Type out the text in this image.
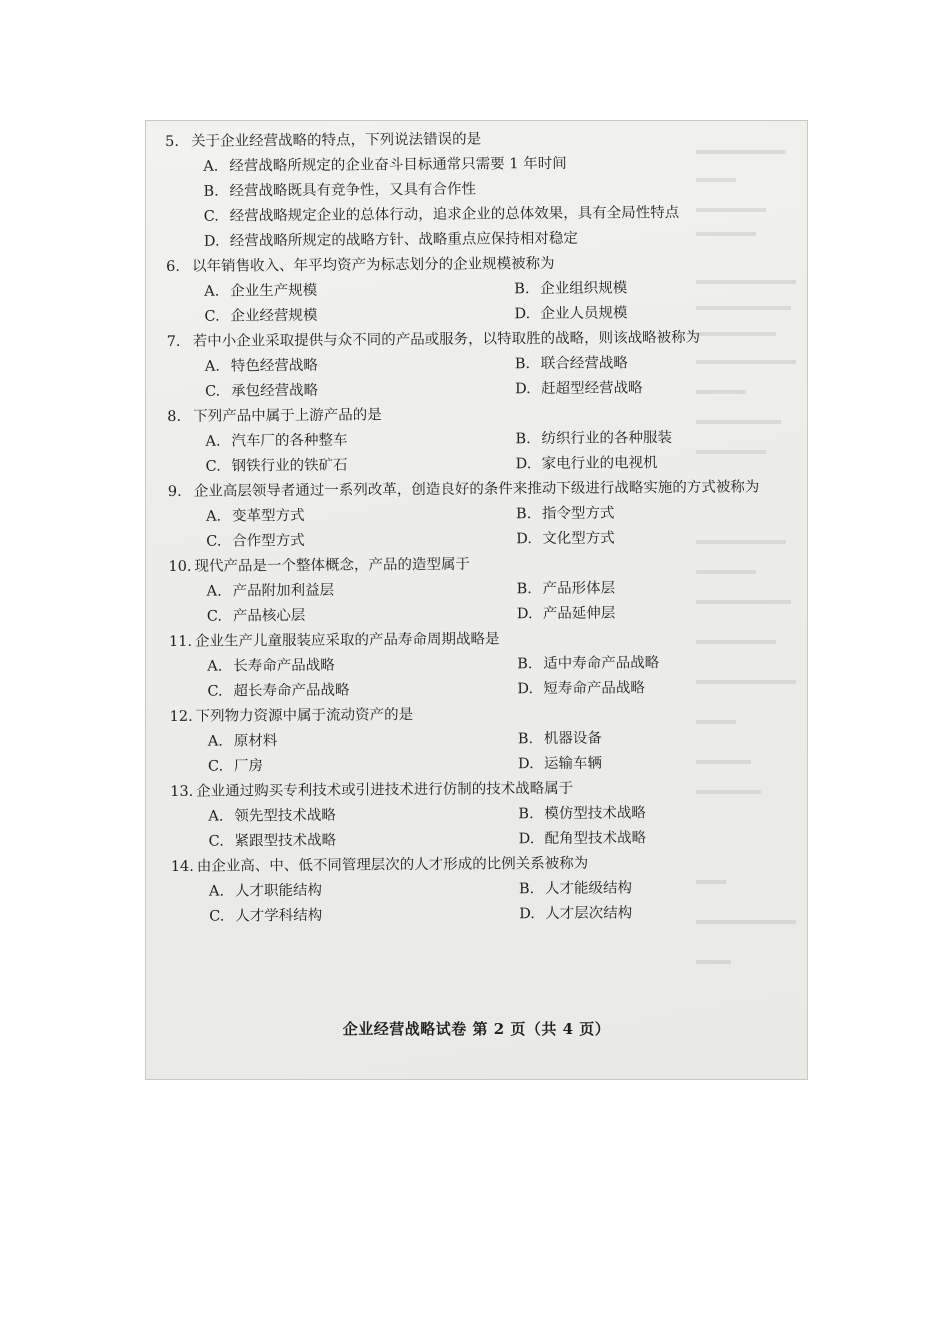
5. 关于企业经营战略的特点，下列说法错误的是
A. 经营战略所规定的企业奋斗目标通常只需要 1 年时间
B. 经营战略既具有竞争性，又具有合作性
C. 经营战略规定企业的总体行动，追求企业的总体效果，具有全局性特点
D. 经营战略所规定的战略方针、战略重点应保持相对稳定
6. 以年销售收入、年平均资产为标志划分的企业规模被称为
A. 企业生产规模	B. 企业组织规模
C. 企业经营规模	D. 企业人员规模
7. 若中小企业采取提供与众不同的产品或服务，以特取胜的战略，则该战略被称为
A. 特色经营战略	B. 联合经营战略
C. 承包经营战略	D. 赶超型经营战略
8. 下列产品中属于上游产品的是
A. 汽车厂的各种整车	B. 纺织行业的各种服装
C. 钢铁行业的铁矿石	D. 家电行业的电视机
9. 企业高层领导者通过一系列改革，创造良好的条件来推动下级进行战略实施的方式被称为
A. 变革型方式	B. 指令型方式
C. 合作型方式	D. 文化型方式
10. 现代产品是一个整体概念，产品的造型属于
A. 产品附加利益层	B. 产品形体层
C. 产品核心层	D. 产品延伸层
11. 企业生产儿童服装应采取的产品寿命周期战略是
A. 长寿命产品战略	B. 适中寿命产品战略
C. 超长寿命产品战略	D. 短寿命产品战略
12. 下列物力资源中属于流动资产的是
A. 原材料	B. 机器设备
C. 厂房	D. 运输车辆
13. 企业通过购买专利技术或引进技术进行仿制的技术战略属于
A. 领先型技术战略	B. 模仿型技术战略
C. 紧跟型技术战略	D. 配角型技术战略
14. 由企业高、中、低不同管理层次的人才形成的比例关系被称为
A. 人才职能结构	B. 人才能级结构
C. 人才学科结构	D. 人才层次结构
企业经营战略试卷 第 2 页（共 4 页）
